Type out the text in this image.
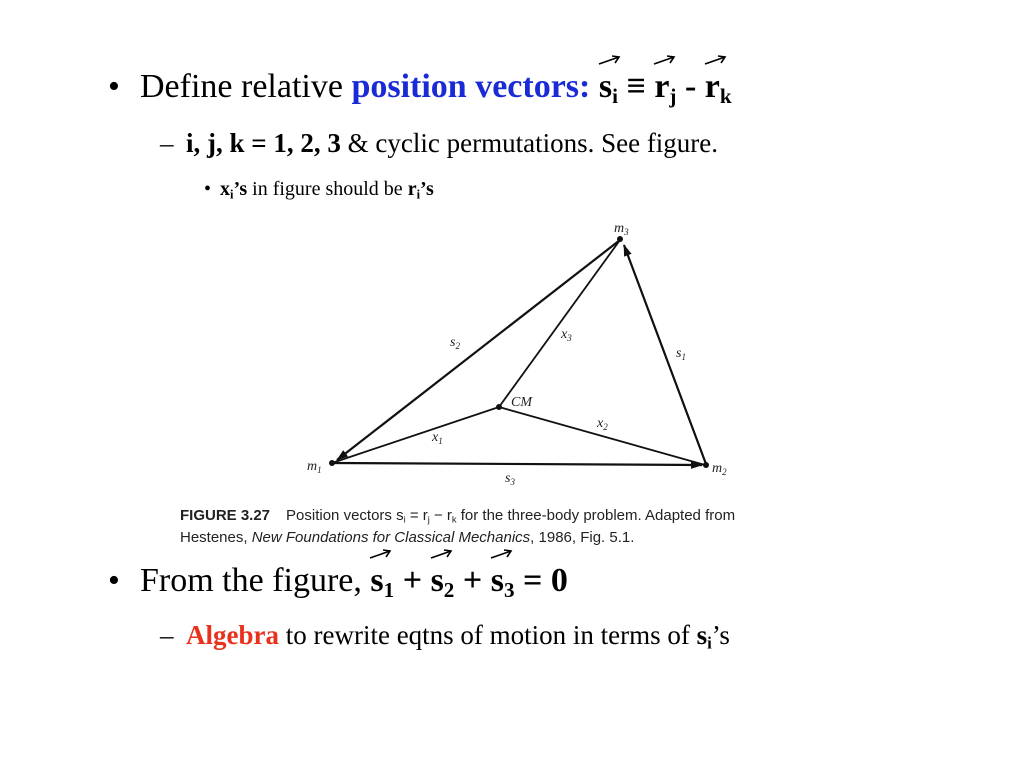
• Define relative position vectors: $s_i$ ≡
$r_j$ -
$r_k$
– i, j, k = 1, 2, 3 & cyclic permutations. See figure.
• $x_i’s$ in figure should be $r_i’s$
$m_1$	$m_2$
$m_3$
CM
$s_1$
$s_2$
$s_3$
$x_1$
$x_2$
$x_3$
FIGURE 3.27 Position vectors $s_i = r_j - r_k$ for the three-body problem. Adapted from
Hestenes, New Foundations for Classical Mechanics, 1986, Fig. 5.1.
• From the figure,
$s_1$ +
$s_2$ +
$s_3 = 0$
– Algebra to rewrite eqtns of motion in terms of $s_i’s$
